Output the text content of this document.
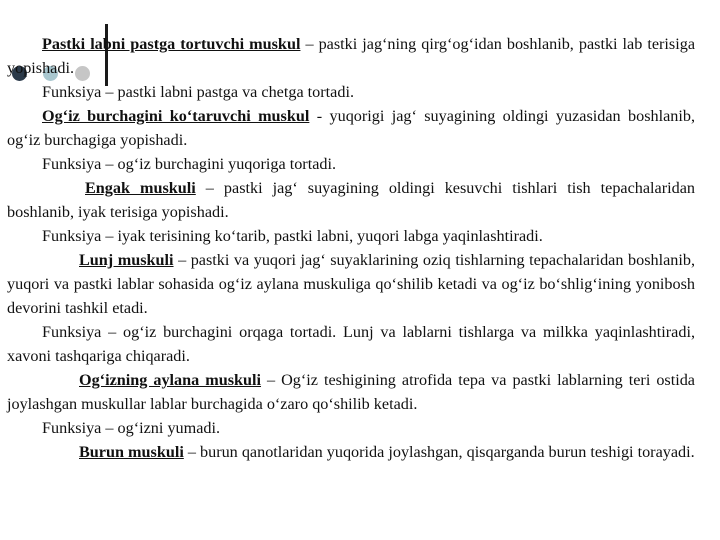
Pastki labni pastga tortuvchi muskul – pastki jag‘ning qirg‘og‘idan boshlanib, pastki lab terisiga yopishadi.

Funksiya – pastki labni pastga va chetga tortadi.

Og‘iz burchagini ko‘taruvchi muskul - yuqorigi jag‘ suyagining oldingi yuzasidan boshlanib, og‘iz burchagiga yopishadi.

Funksiya – og‘iz burchagini yuqoriga tortadi.

Engak muskuli – pastki jag‘ suyagining oldingi kesuvchi tishlari tish tepachalaridan boshlanib, iyak terisiga yopishadi.

Funksiya – iyak terisining ko‘tarib, pastki labni, yuqori labga yaqinlashtiradi.

Lunj muskuli – pastki va yuqori jag‘ suyaklarining oziq tishlarning tepachalaridan boshlanib, yuqori va pastki lablar sohasida og‘iz aylana muskuliga qo‘shilib ketadi va og‘iz bo‘shlig‘ining yonibosh devorini tashkil etadi.

Funksiya – og‘iz burchagini orqaga tortadi. Lunj va lablarni tishlarga va milkka yaqinlashtiradi, xavoni tashqariga chiqaradi.

Og‘izning aylana muskuli – Og‘iz teshigining atrofida tepa va pastki lablarning teri ostida joylashgan muskullar lablar burchagida o‘zaro qo‘shilib ketadi.

Funksiya – og‘izni yumadi.

Burun muskuli – burun qanotlaridan yuqorida joylashgan, qisqarganda burun teshigi torayadi.
